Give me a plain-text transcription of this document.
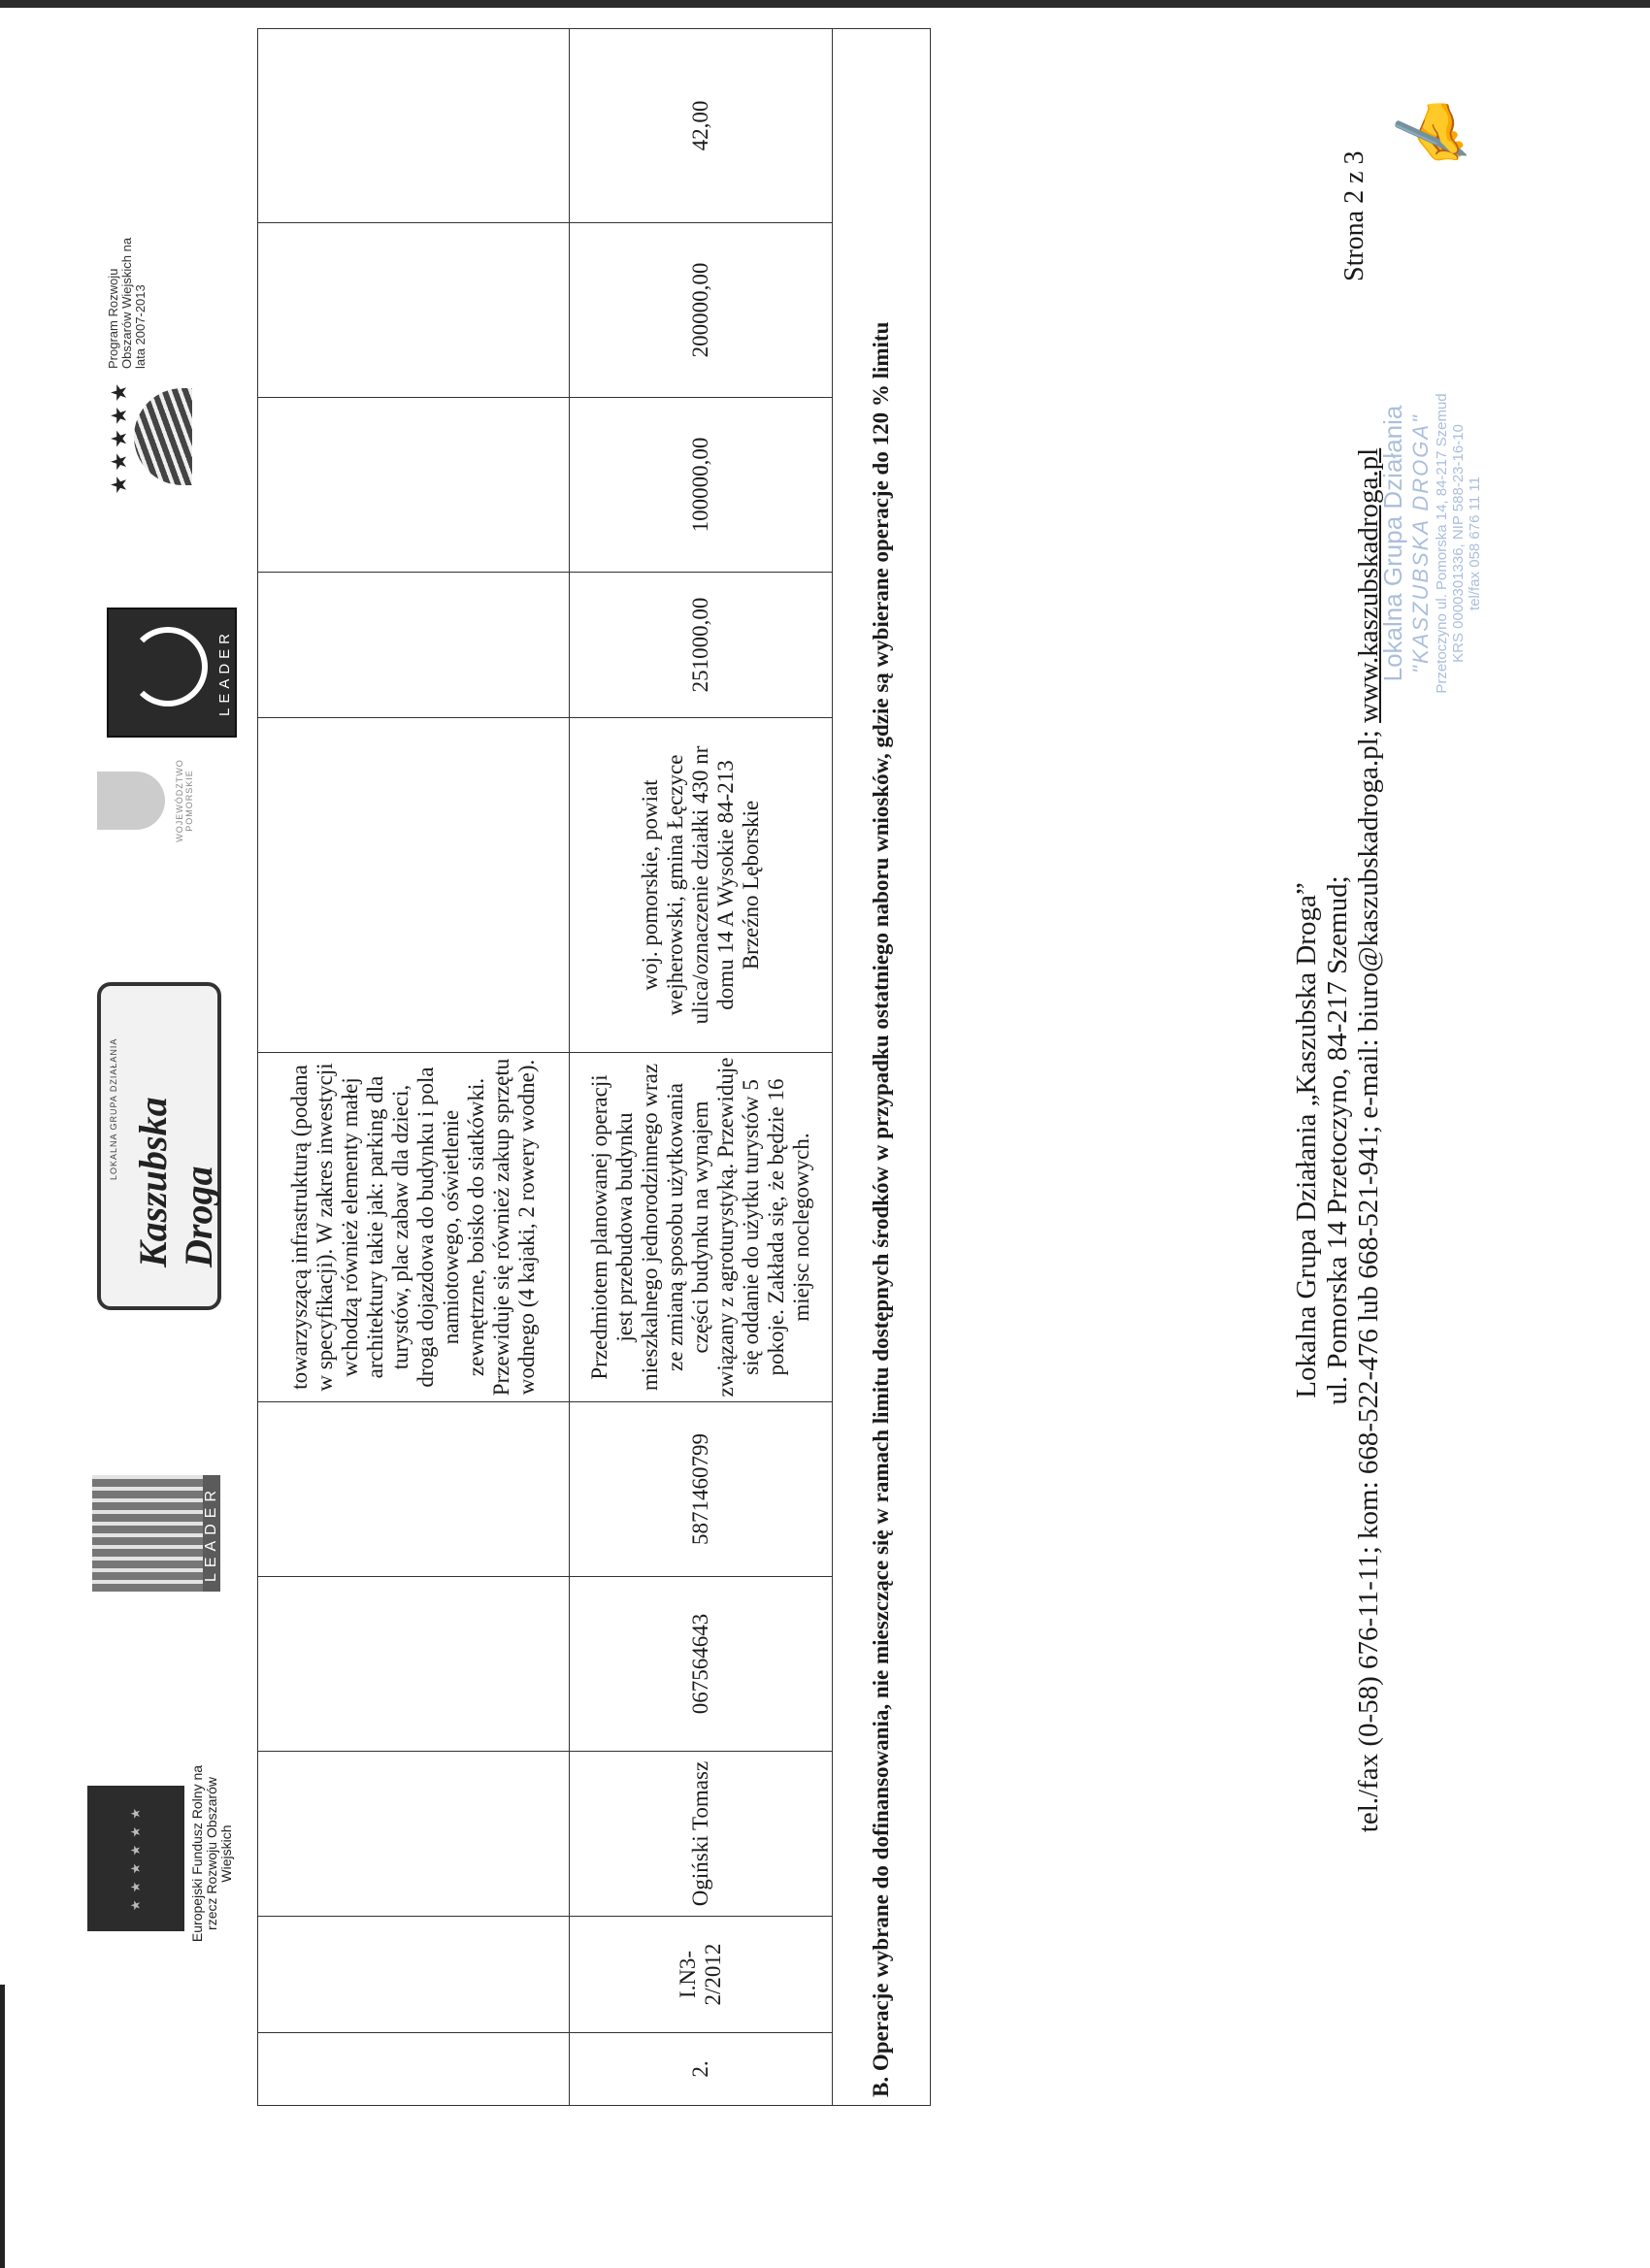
★ ★ ★ ★ ★ ★	Europejski Fundusz Rolny na rzecz Rozwoju Obszarów Wiejskich
LEADER
LOKALNA GRUPA DZIAŁANIA Kaszubska Droga
WOJEWÓDZTWO POMORSKIE
LEADER
★★★★★
Program Rozwoju Obszarów Wiejskich na lata 2007-2013
					towarzyszącą infrastrukturą (podana w specyfikacji). W zakres inwestycji wchodzą również elementy małej architektury takie jak: parking dla turystów, plac zabaw dla dzieci, droga dojazdowa do budynku i pola namiotowego, oświetlenie zewnętrzne, boisko do siatkówki. Przewiduje się również zakup sprzętu wodnego (4 kajaki, 2 rowery wodne).					
2.	I.N3-2/2012	Ogiński Tomasz	067564643	5871460799	Przedmiotem planowanej operacji jest przebudowa budynku mieszkalnego jednorodzinnego wraz ze zmianą sposobu użytkowania części budynku na wynajem związany z agroturystyką. Przewiduje się oddanie do użytku turystów 5 pokoje. Zakłada się, że będzie 16 miejsc noclegowych.	woj. pomorskie, powiat wejherowski, gmina Łęczyce ulica/oznaczenie działki 430 nr domu 14 A Wysokie 84-213 Brzeźno Lęborskie	251000,00	100000,00	200000,00	42,00
B. Operacje wybrane do dofinansowania, nie mieszczące się w ramach limitu dostępnych środków w przypadku ostatniego naboru wniosków, gdzie są wybierane operacje do 120 % limitu											Lokalna Grupa Działania „Kaszubska Droga” ul. Pomorska 14 Przetoczyno, 84-217 Szemud; tel./fax (0-58) 676-11-11; kom: 668-522-476 lub 668-521-941; e-mail: biuro@kaszubskadroga.pl; www.kaszubskadroga.pl
Strona 2 z 3
Lokalna Grupa Działania "KASZUBSKA DROGA" Przetoczyno ul. Pomorska 14, 84-217 Szemud KRS 0000301336, NIP 588-23-16-10 tel/fax 058 676 11 11
✍
